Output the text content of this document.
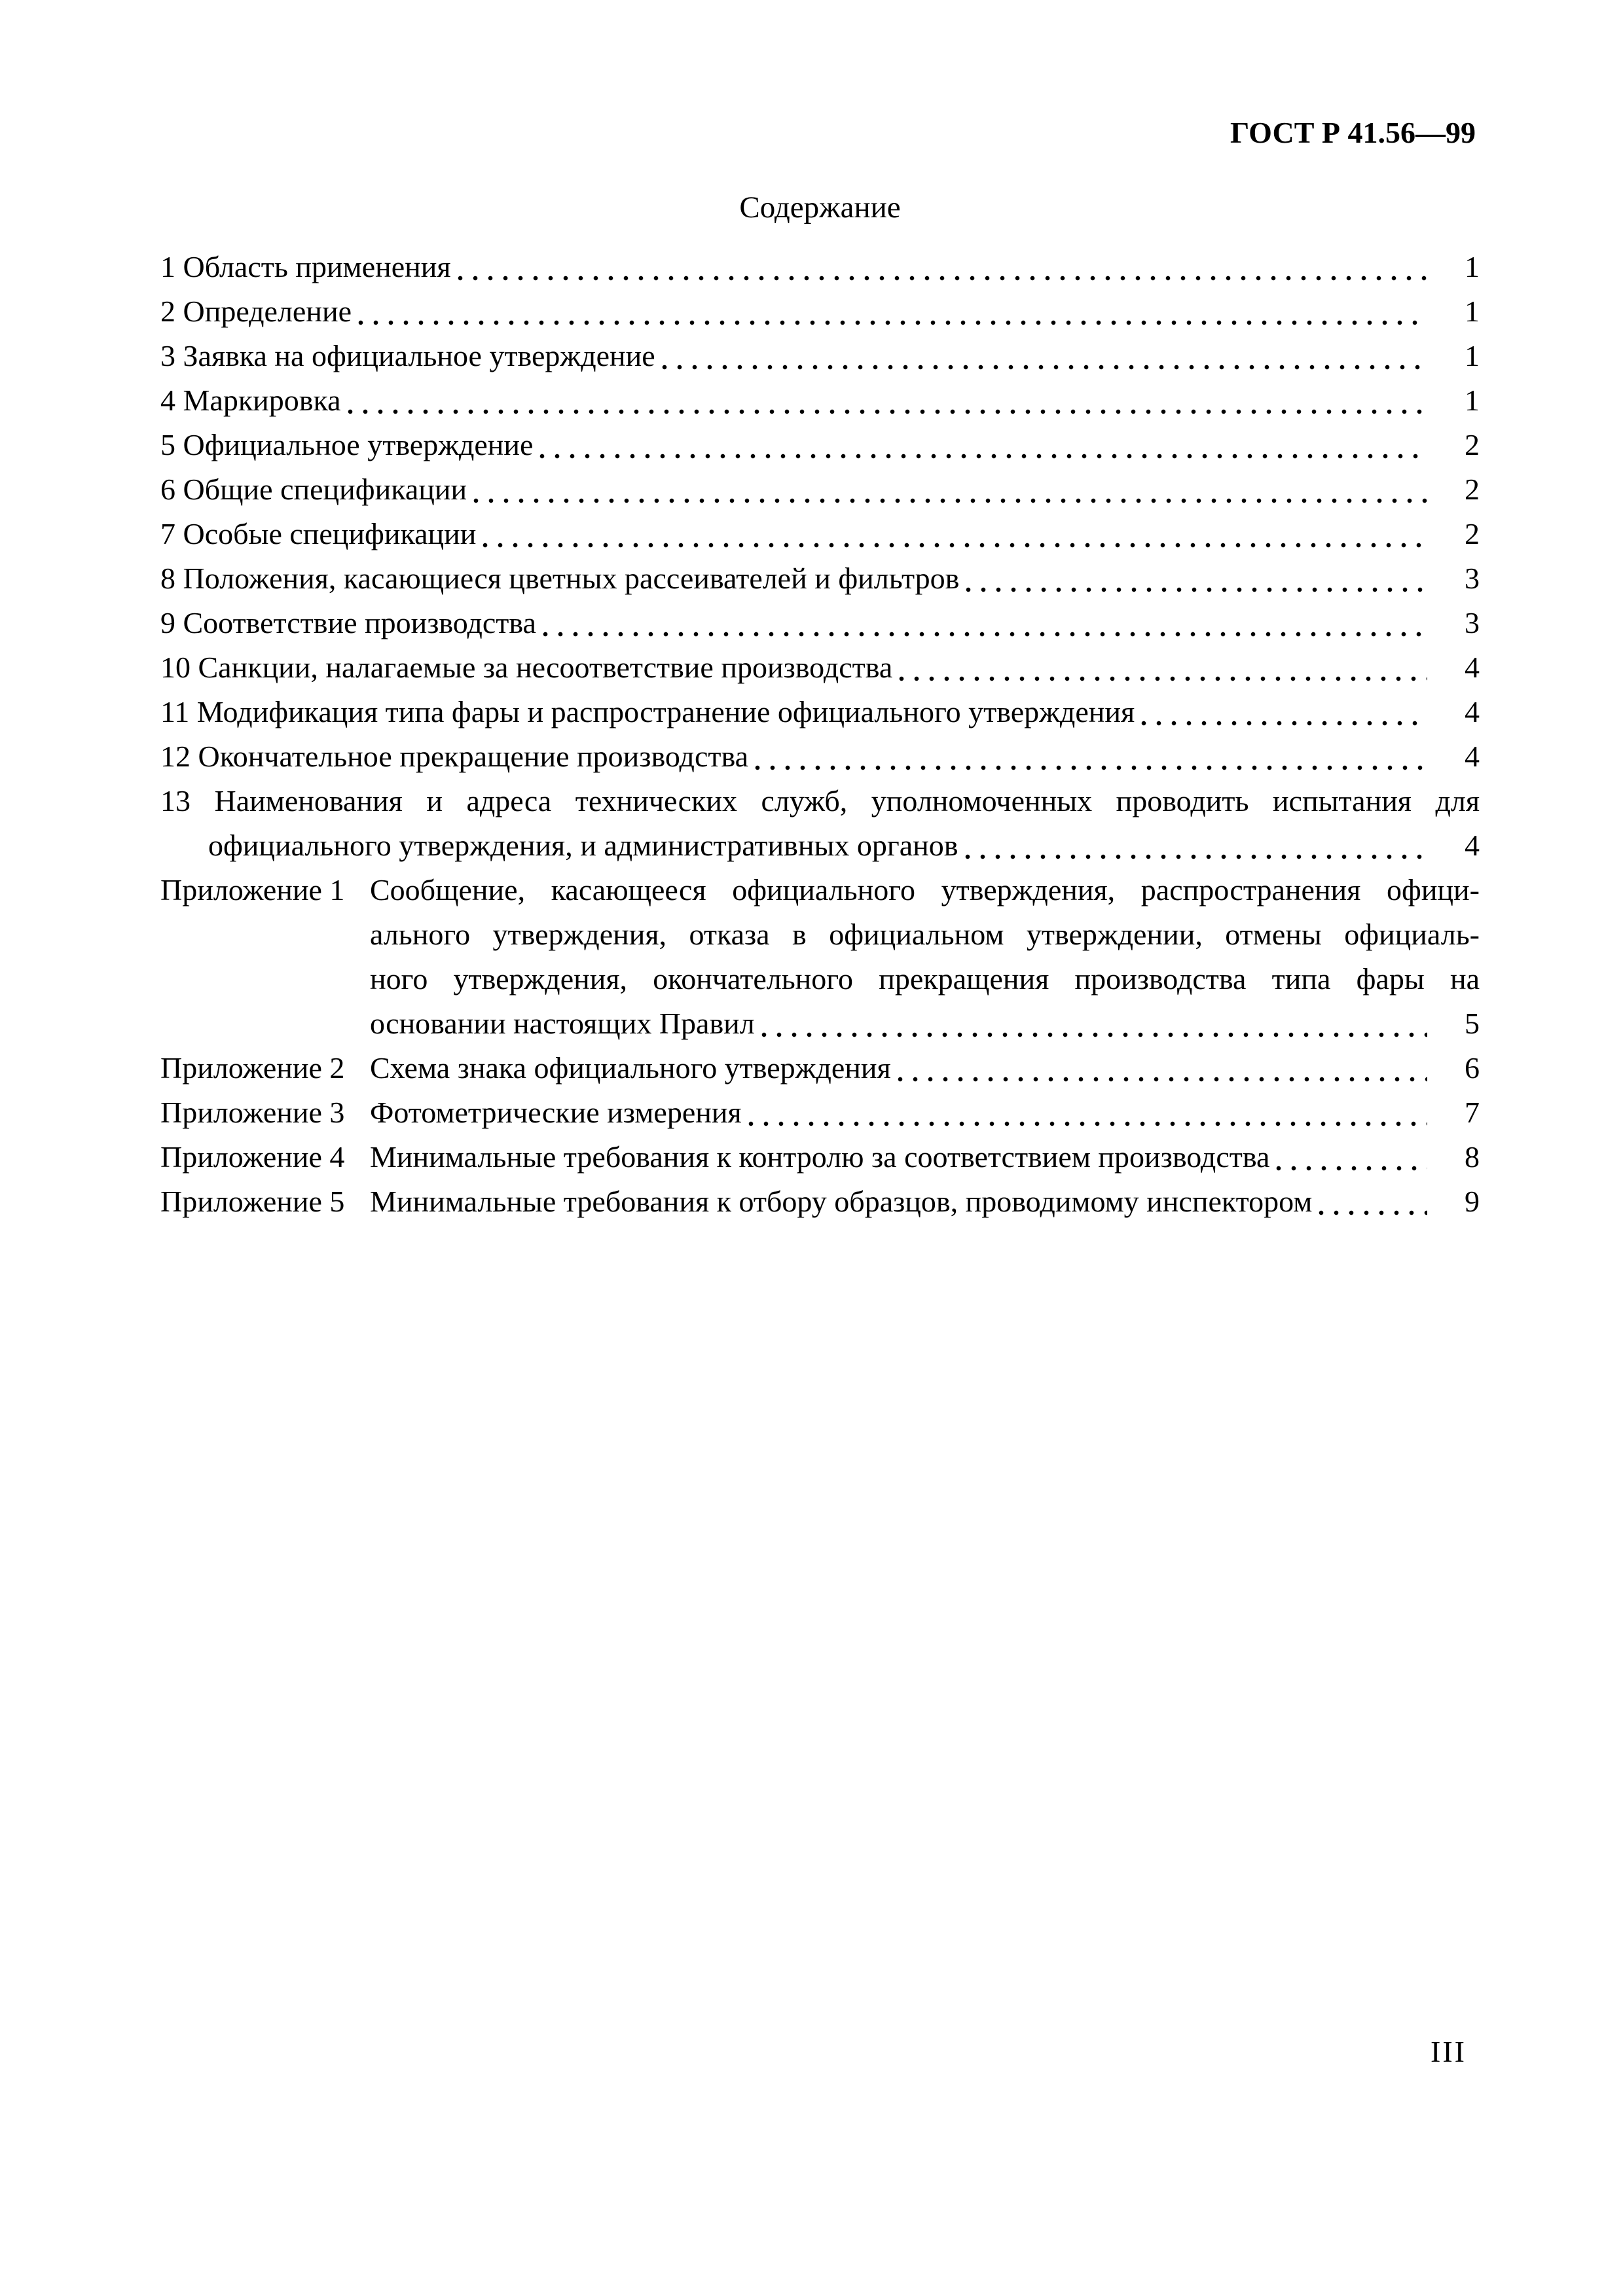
ГОСТ Р 41.56—99
Содержание
1 Область применения	1
2 Определение	1
3 Заявка на официальное утверждение	1
4 Маркировка	1
5 Официальное утверждение	2
6 Общие спецификации	2
7 Особые спецификации	2
8 Положения, касающиеся цветных рассеивателей и фильтров	3
9 Соответствие производства	3
10 Санкции, налагаемые за несоответствие производства	4
11 Модификация типа фары и распространение официального утверждения	4
12 Окончательное прекращение производства	4
13 Наименования и адреса технических служб, уполномоченных проводить испытания для
официального утверждения, и административных органов	4
Приложение 1 Сообщение, касающееся официального утверждения, распространения офици-
ального утверждения, отказа в официальном утверждении, отмены официаль-
ного утверждения, окончательного прекращения производства типа фары на
основании настоящих Правил	5
Приложение 2 Схема знака официального утверждения	6
Приложение 3 Фотометрические измерения	7
Приложение 4 Минимальные требования к контролю за соответствием производства	8
Приложение 5 Минимальные требования к отбору образцов, проводимому инспектором	9
III
